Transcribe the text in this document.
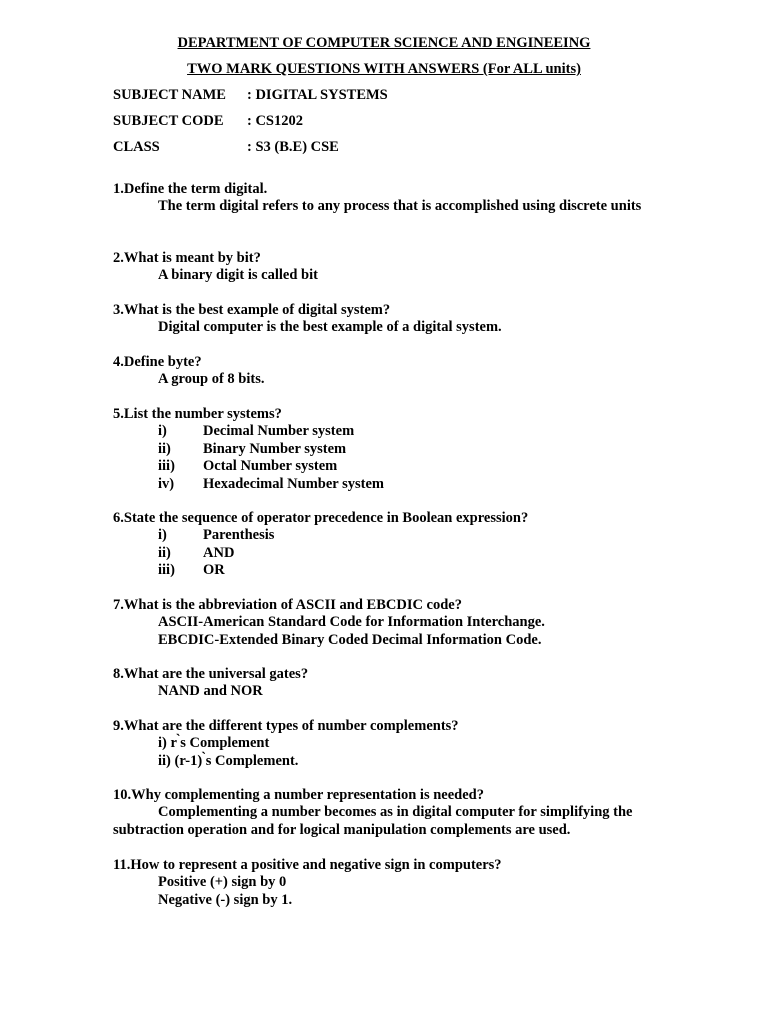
DEPARTMENT OF COMPUTER SCIENCE AND ENGINEEING
TWO MARK QUESTIONS WITH ANSWERS (For ALL units)
SUBJECT NAME : DIGITAL SYSTEMS
SUBJECT CODE : CS1202
CLASS	: S3 (B.E) CSE
1.Define the term digital.
The term digital refers to any process that is accomplished using discrete units
2.What is meant by bit?
A binary digit is called bit
3.What is the best example of digital system?
Digital computer is the best example of a digital system.
4.Define byte?
A group of 8 bits.
5.List the number systems?
i) Decimal Number system
ii) Binary Number system
iii) Octal Number system
iv) Hexadecimal Number system
6.State the sequence of operator precedence in Boolean expression?
i) Parenthesis
ii) AND
iii) OR
7.What is the abbreviation of ASCII and EBCDIC code?
ASCII-American Standard Code for Information Interchange.
EBCDIC-Extended Binary Coded Decimal Information Code.
8.What are the universal gates?
NAND and NOR
9.What are the different types of number complements?
i) r ̀s Complement
ii) (r-1) ̀s Complement.
10.Why complementing a number representation is needed?
Complementing a number becomes as in digital computer for simplifying the subtraction operation and for logical manipulation complements are used.
11.How to represent a positive and negative sign in computers?
Positive (+) sign by 0
Negative (-) sign by 1.
